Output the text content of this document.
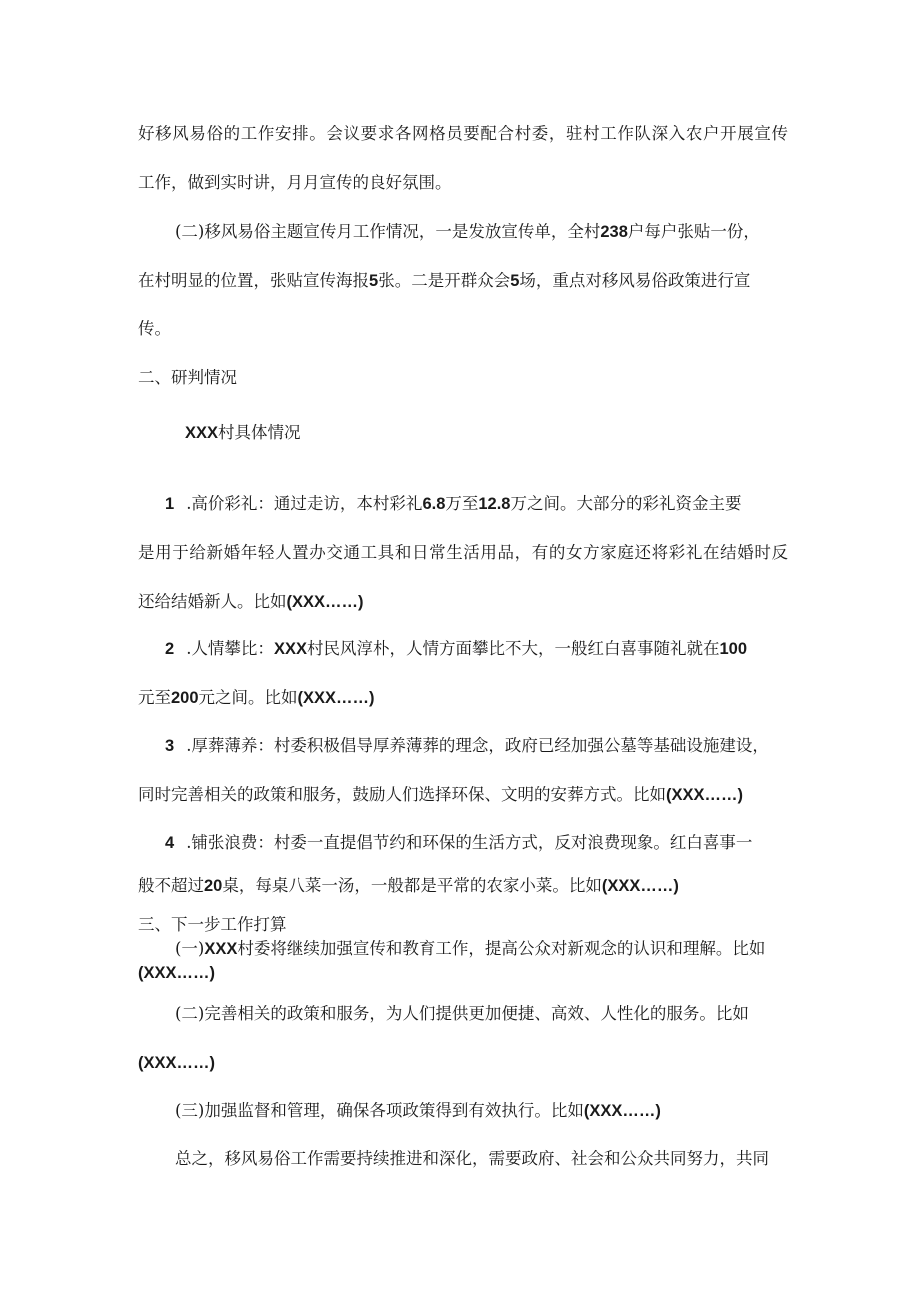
好移风易俗的工作安排。会议要求各网格员要配合村委，驻村工作队深入农户开展宣传
工作，做到实时讲，月月宣传的良好氛围。
(二)移风易俗主题宣传月工作情况，一是发放宣传单，全村238户每户张贴一份，
在村明显的位置，张贴宣传海报5张。二是开群众会5场，重点对移风易俗政策进行宣
传。
二、研判情况
XXX村具体情况
1 .高价彩礼：通过走访，本村彩礼6.8万至12.8万之间。大部分的彩礼资金主要
是用于给新婚年轻人置办交通工具和日常生活用品，有的女方家庭还将彩礼在结婚时反
还给结婚新人。比如(XXX……)
2 .人情攀比：XXX村民风淳朴，人情方面攀比不大，一般红白喜事随礼就在100
元至200元之间。比如(XXX……)
3 .厚葬薄养：村委积极倡导厚养薄葬的理念，政府已经加强公墓等基础设施建设，
同时完善相关的政策和服务，鼓励人们选择环保、文明的安葬方式。比如(XXX……)
4 .铺张浪费：村委一直提倡节约和环保的生活方式，反对浪费现象。红白喜事一
般不超过20桌，每桌八菜一汤，一般都是平常的农家小菜。比如(XXX……)
三、下一步工作打算
(一)XXX村委将继续加强宣传和教育工作，提高公众对新观念的认识和理解。比如
(XXX……)
(二)完善相关的政策和服务，为人们提供更加便捷、高效、人性化的服务。比如
(XXX……)
(三)加强监督和管理，确保各项政策得到有效执行。比如(XXX……)
总之，移风易俗工作需要持续推进和深化，需要政府、社会和公众共同努力，共同
